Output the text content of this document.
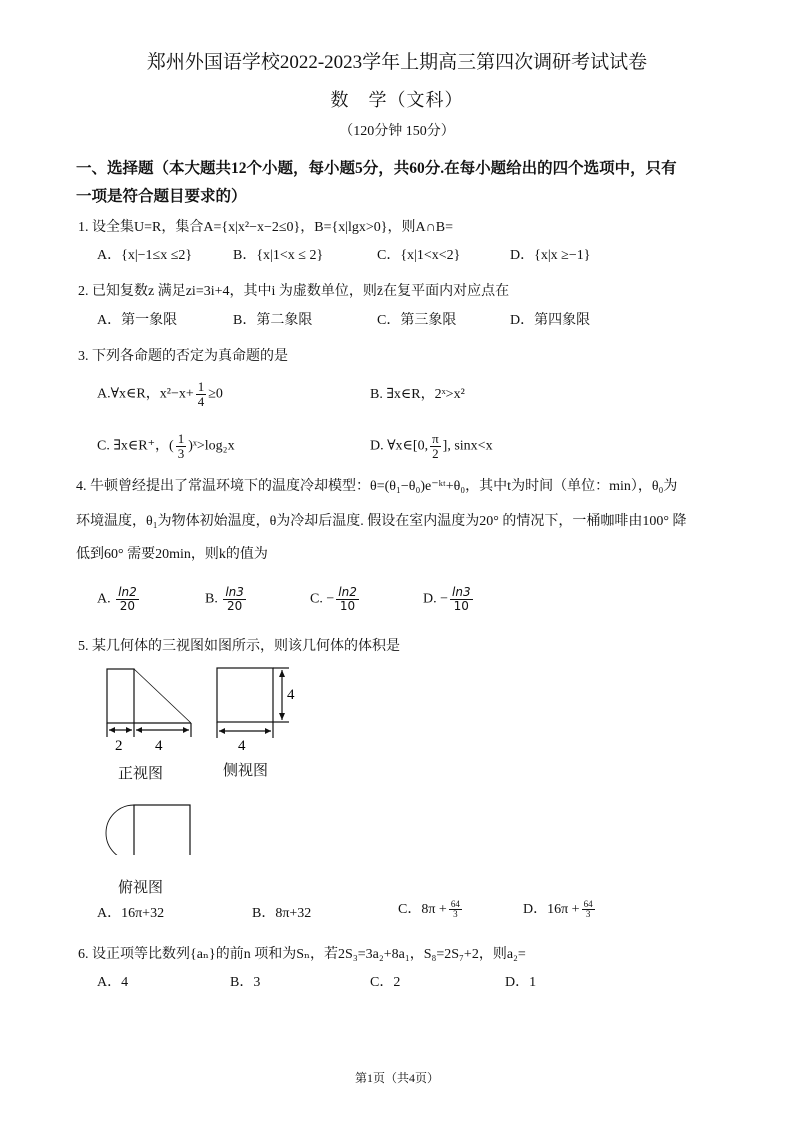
郑州外国语学校2022-2023学年上期高三第四次调研考试试卷
数　学（文科）
（120分钟 150分）
一、选择题（本大题共12个小题，每小题5分，共60分.在每小题给出的四个选项中，只有
一项是符合题目要求的）
1. 设全集U=R，集合A={x|x²−x−2≤0}，B={x|lgx>0}，则A∩B=
A．{x|−1≤x ≤2}	B．{x|1<x ≤ 2}	C．{x|1<x<2}	D．{x|x ≥−1}
2. 已知复数z 满足zi=3i+4，其中i 为虚数单位，则z̄在复平面内对应点在
A．第一象限	B．第二象限	C．第三象限	D．第四象限
3. 下列各命题的否定为真命题的是
A.∀x∈R，$x^2-x+ \frac{1}{4} \ge 0$	B. ∃x∈R，2ˣ>x²
C. ∃x∈R⁺，( $\frac{1}{3}$ )ˣ>log₂x	D. ∀x∈[0, $\frac{\pi}{2}$ ], sinx<x
4. 牛顿曾经提出了常温环境下的温度冷却模型：θ=(θ₁−θ₀)e⁻ᵏᵗ+θ₀，其中t为时间（单位：min），θ₀为
环境温度，θ₁为物体初始温度，θ为冷却后温度. 假设在室内温度为20° 的情况下，一桶咖啡由100° 降
低到60° 需要20min，则k的值为
A. $\frac{\ln 2}{20}$	B. $\frac{\ln 3}{20}$	C. − $\frac{\ln 2}{10}$	D. − $\frac{\ln 3}{10}$
5. 某几何体的三视图如图所示，则该几何体的体积是
2 4
4
4
正视图	侧视图
俯视图
A．16π+32	B．8π+32	C．$8\pi + \frac{64}{3}$	D．$16\pi + \frac{64}{3}$
6. 设正项等比数列{aₙ}的前n 项和为Sₙ，若2S₃=3a₂+8a₁，S₈=2S₇+2，则a₂=
A．4	B．3	C．2	D．1
第1页（共4页）
